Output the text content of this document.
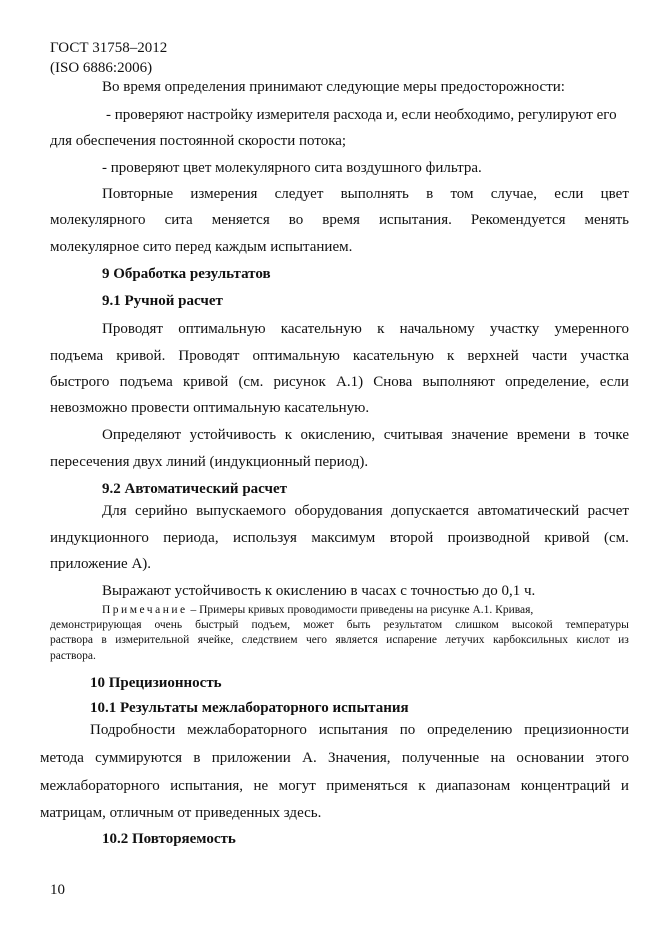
ГОСТ 31758–2012
(ISO 6886:2006)
Во время определения принимают следующие меры предосторожности:
- проверяют настройку измерителя расхода и, если необходимо, регулируют его
для обеспечения постоянной скорости потока;
- проверяют цвет молекулярного сита воздушного фильтра.
Повторные измерения следует выполнять в том случае, если цвет
молекулярного сита меняется во время испытания. Рекомендуется менять
молекулярное сито перед каждым испытанием.
9 Обработка результатов
9.1 Ручной расчет
Проводят оптимальную касательную к начальному участку умеренного
подъема кривой. Проводят оптимальную касательную к верхней части участка
быстрого подъема кривой (см. рисунок А.1) Снова выполняют определение, если
невозможно провести оптимальную касательную.
Определяют устойчивость к окислению, считывая значение времени в точке
пересечения двух линий (индукционный период).
9.2 Автоматический расчет
Для серийно выпускаемого оборудования допускается автоматический расчет
индукционного периода, используя максимум второй производной кривой (см.
приложение А).
Выражают устойчивость к окислению в часах с точностью до 0,1 ч.
Примечание – Примеры кривых проводимости приведены на рисунке А.1. Кривая,
демонстрирующая очень быстрый подъем, может быть результатом слишком высокой температуры
раствора в измерительной ячейке, следствием чего является испарение летучих карбоксильных кислот из
раствора.
10 Прецизионность
10.1 Результаты межлабораторного испытания
Подробности межлабораторного испытания по определению прецизионности
метода суммируются в приложении А. Значения, полученные на основании этого
межлабораторного испытания, не могут применяться к диапазонам концентраций и
матрицам, отличным от приведенных здесь.
10.2 Повторяемость
10
